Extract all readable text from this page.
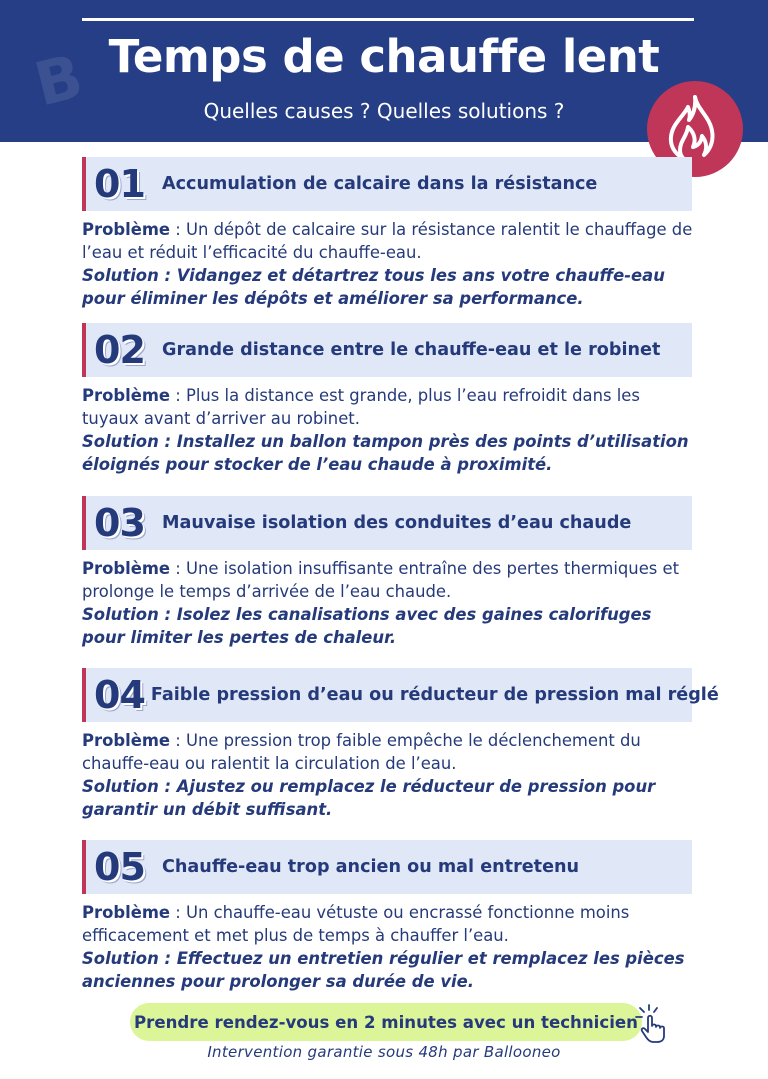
B Temps de chauffe lent
Quelles causes ? Quelles solutions ?
01 Accumulation de calcaire dans la résistance
Problème : Un dépôt de calcaire sur la résistance ralentit le chauffage de l’eau et réduit l’efficacité du chauffe-eau.
Solution : Vidangez et détartrez tous les ans votre chauffe-eau pour éliminer les dépôts et améliorer sa performance.
02 Grande distance entre le chauffe-eau et le robinet
Problème : Plus la distance est grande, plus l’eau refroidit dans les tuyaux avant d’arriver au robinet.
Solution : Installez un ballon tampon près des points d’utilisation éloignés pour stocker de l’eau chaude à proximité.
03 Mauvaise isolation des conduites d’eau chaude
Problème : Une isolation insuffisante entraîne des pertes thermiques et prolonge le temps d’arrivée de l’eau chaude.
Solution : Isolez les canalisations avec des gaines calorifuges pour limiter les pertes de chaleur.
04 Faible pression d’eau ou réducteur de pression mal réglé
Problème : Une pression trop faible empêche le déclenchement du chauffe-eau ou ralentit la circulation de l’eau.
Solution : Ajustez ou remplacez le réducteur de pression pour garantir un débit suffisant.
05 Chauffe-eau trop ancien ou mal entretenu
Problème : Un chauffe-eau vétuste ou encrassé fonctionne moins efficacement et met plus de temps à chauffer l’eau.
Solution : Effectuez un entretien régulier et remplacez les pièces anciennes pour prolonger sa durée de vie.
Prendre rendez-vous en 2 minutes avec un technicien
Intervention garantie sous 48h par Ballooneo
